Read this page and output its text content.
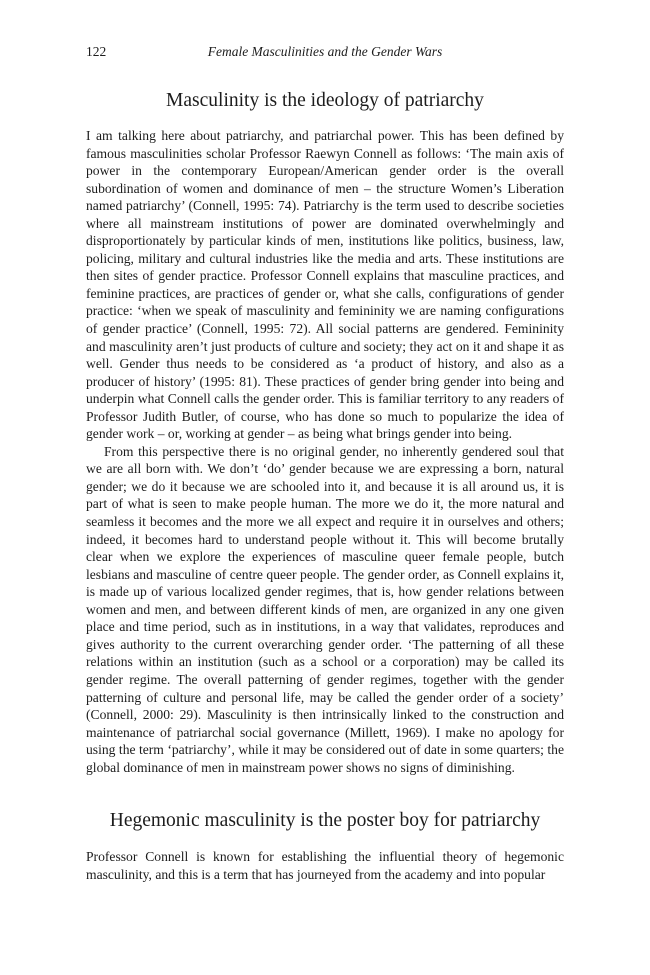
122	Female Masculinities and the Gender Wars
Masculinity is the ideology of patriarchy

I am talking here about patriarchy, and patriarchal power. This has been defined by famous masculinities scholar Professor Raewyn Connell as follows: ‘The main axis of power in the contemporary European/American gender order is the overall subordination of women and dominance of men – the structure Women’s Liberation named patriarchy’ (Connell, 1995: 74). Patriarchy is the term used to describe societies where all mainstream institutions of power are dominated overwhelmingly and disproportionately by particular kinds of men, institutions like politics, business, law, policing, military and cultural industries like the media and arts. These institutions are then sites of gender practice. Professor Connell explains that masculine practices, and feminine practices, are practices of gender or, what she calls, configurations of gender practice: ‘when we speak of masculinity and femininity we are naming configurations of gender practice’ (Connell, 1995: 72). All social patterns are gendered. Femininity and masculinity aren’t just products of culture and society; they act on it and shape it as well. Gender thus needs to be considered as ‘a product of history, and also as a producer of history’ (1995: 81). These practices of gender bring gender into being and underpin what Connell calls the gender order. This is familiar territory to any readers of Professor Judith Butler, of course, who has done so much to popularize the idea of gender work – or, working at gender – as being what brings gender into being.

From this perspective there is no original gender, no inherently gendered soul that we are all born with. We don’t ‘do’ gender because we are expressing a born, natural gender; we do it because we are schooled into it, and because it is all around us, it is part of what is seen to make people human. The more we do it, the more natural and seamless it becomes and the more we all expect and require it in ourselves and others; indeed, it becomes hard to understand people without it. This will become brutally clear when we explore the experiences of masculine queer female people, butch lesbians and masculine of centre queer people. The gender order, as Connell explains it, is made up of various localized gender regimes, that is, how gender relations between women and men, and between different kinds of men, are organized in any one given place and time period, such as in institutions, in a way that validates, reproduces and gives authority to the current overarching gender order. ‘The patterning of all these relations within an institution (such as a school or a corporation) may be called its gender regime. The overall patterning of gender regimes, together with the gender patterning of culture and personal life, may be called the gender order of a society’ (Connell, 2000: 29). Masculinity is then intrinsically linked to the construction and maintenance of patriarchal social governance (Millett, 1969). I make no apology for using the term ‘patriarchy’, while it may be considered out of date in some quarters; the global dominance of men in mainstream power shows no signs of diminishing.

Hegemonic masculinity is the poster boy for patriarchy

Professor Connell is known for establishing the influential theory of hegemonic masculinity, and this is a term that has journeyed from the academy and into popular
